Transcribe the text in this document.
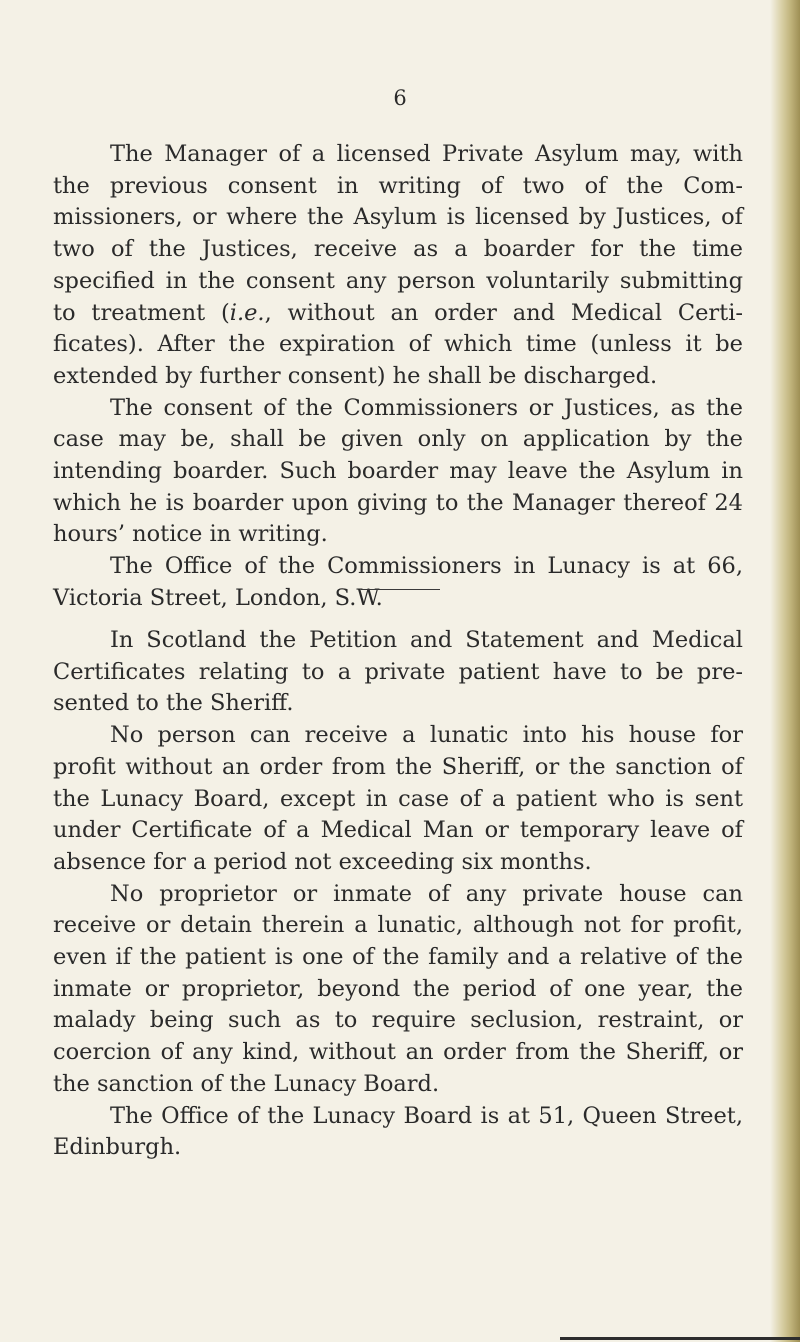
6

The Manager of a licensed Private Asylum may, with the previous consent in writing of two of the Commissioners, or where the Asylum is licensed by Justices, of two of the Justices, receive as a boarder for the time specified in the consent any person voluntarily submitting to treatment (i.e., without an order and Medical Certificates). After the expiration of which time (unless it be extended by further consent) he shall be discharged.

The consent of the Commissioners or Justices, as the case may be, shall be given only on application by the intending boarder. Such boarder may leave the Asylum in which he is boarder upon giving to the Manager thereof 24 hours’ notice in writing.

The Office of the Commissioners in Lunacy is at 66, Victoria Street, London, S.W.

In Scotland the Petition and Statement and Medical Certificates relating to a private patient have to be presented to the Sheriff.

No person can receive a lunatic into his house for profit without an order from the Sheriff, or the sanction of the Lunacy Board, except in case of a patient who is sent under Certificate of a Medical Man or temporary leave of absence for a period not exceeding six months.

No proprietor or inmate of any private house can receive or detain therein a lunatic, although not for profit, even if the patient is one of the family and a relative of the inmate or proprietor, beyond the period of one year, the malady being such as to require seclusion, restraint, or coercion of any kind, without an order from the Sheriff, or the sanction of the Lunacy Board.

The Office of the Lunacy Board is at 51, Queen Street, Edinburgh.
